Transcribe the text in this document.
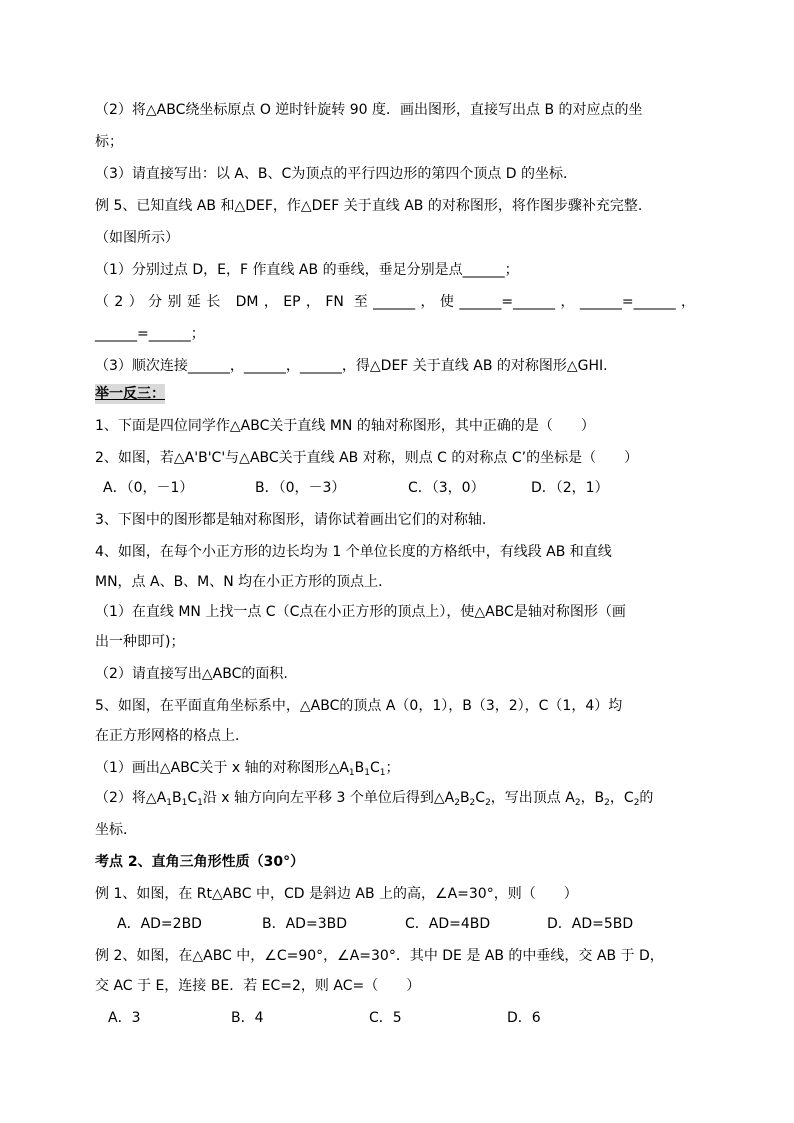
（2）将△ABC绕坐标原点 O 逆时针旋转 90 度．画出图形，直接写出点 B 的对应点的坐
标；
（3）请直接写出：以 A、B、C为顶点的平行四边形的第四个顶点 D 的坐标．
例 5、已知直线 AB 和△DEF，作△DEF 关于直线 AB 的对称图形，将作图步骤补充完整.
（如图所示）
（1）分别过点 D，E，F 作直线 AB 的垂线，垂足分别是点______；
（2）分别延长 DM，EP，FN 至______，使______=______，______=______，
______=______；
（3）顺次连接______，______，______，得△DEF 关于直线 AB 的对称图形△GHI.
举一反三：
1、下面是四位同学作△ABC关于直线 MN 的轴对称图形，其中正确的是（　　）
2、如图，若△A'B'C'与△ABC关于直线 AB 对称，则点 C 的对称点 C’的坐标是（　　）
A．（0，－1）	B．（0，－3）	C．（3，0）	D．（2，1）
3、下图中的图形都是轴对称图形，请你试着画出它们的对称轴.
4、如图，在每个小正方形的边长均为 1 个单位长度的方格纸中，有线段 AB 和直线
MN，点 A、B、M、N 均在小正方形的顶点上．
（1）在直线 MN 上找一点 C（C点在小正方形的顶点上），使△ABC是轴对称图形（画
出一种即可)；
（2）请直接写出△ABC的面积.
5、如图，在平面直角坐标系中，△ABC的顶点 A（0，1），B（3，2），C（1，4）均
在正方形网格的格点上．
（1）画出△ABC关于 x 轴的对称图形$\triangle A_1B_1C_1$；
（2）将$\triangle A_1B_1C_1$沿 x 轴方向向左平移 3 个单位后得到$\triangle A_2B_2C_2$，写出顶点 $A_2$，$B_2$，$C_2$的
坐标．
考点 2、直角三角形性质（30°）
例 1、如图，在 Rt△ABC 中，CD 是斜边 AB 上的高，∠A=30°，则（　　）
A．AD=2BD	B．AD=3BD	C．AD=4BD	D．AD=5BD
例 2、如图，在△ABC 中，∠C=90°，∠A=30°．其中 DE 是 AB 的中垂线，交 AB 于 D，
交 AC 于 E，连接 BE．若 EC=2，则 AC=（　　）
A．3	B．4	C．5	D．6
